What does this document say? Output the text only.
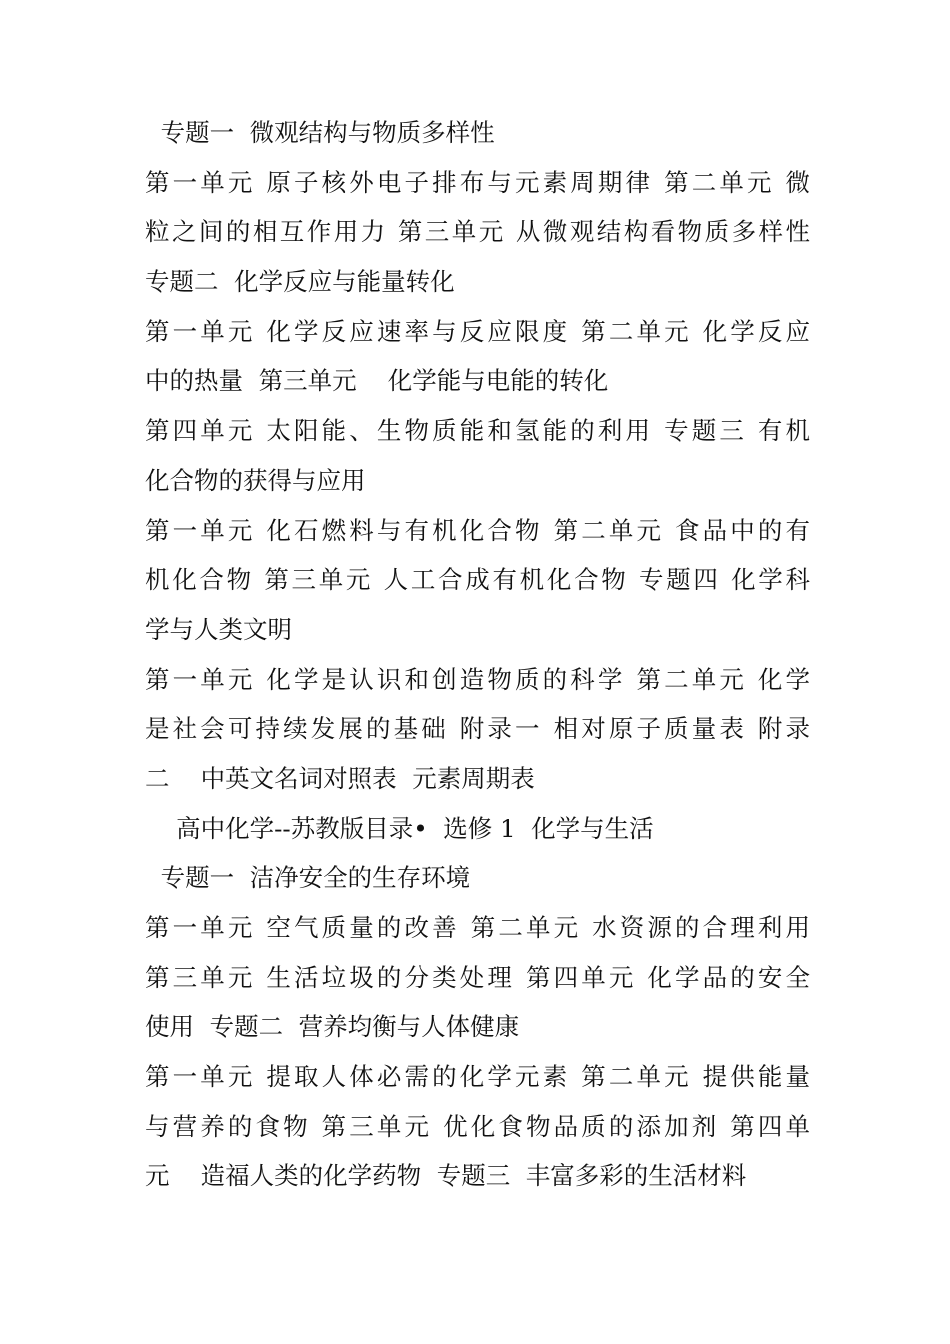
专题一  微观结构与物质多样性
第一单元 原子核外电子排布与元素周期律 第二单元 微
粒之间的相互作用力 第三单元 从微观结构看物质多样性
专题二  化学反应与能量转化
第一单元 化学反应速率与反应限度 第二单元 化学反应
中的热量  第三单元    化学能与电能的转化
第四单元 太阳能、生物质能和氢能的利用 专题三 有机
化合物的获得与应用
第一单元 化石燃料与有机化合物 第二单元 食品中的有
机化合物 第三单元 人工合成有机化合物 专题四 化学科
学与人类文明
第一单元 化学是认识和创造物质的科学 第二单元 化学
是社会可持续发展的基础 附录一 相对原子质量表 附录
二    中英文名词对照表  元素周期表
高中化学--苏教版目录•  选修 1  化学与生活
专题一  洁净安全的生存环境
第一单元 空气质量的改善 第二单元 水资源的合理利用
第三单元 生活垃圾的分类处理 第四单元 化学品的安全
使用  专题二  营养均衡与人体健康
第一单元 提取人体必需的化学元素 第二单元 提供能量
与营养的食物 第三单元 优化食物品质的添加剂 第四单
元    造福人类的化学药物  专题三  丰富多彩的生活材料
